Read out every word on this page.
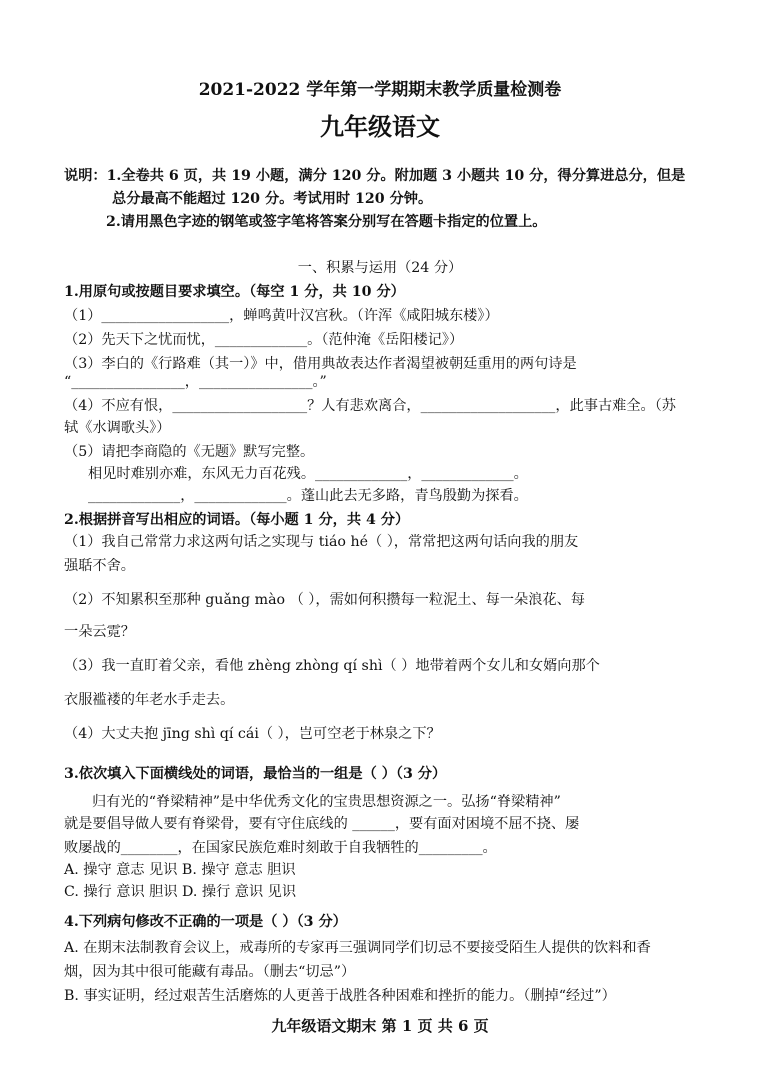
2021-2022 学年第一学期期末教学质量检测卷
九年级语文
说明：1.全卷共 6 页，共 19 小题，满分 120 分。附加题 3 小题共 10 分，得分算进总分，但是
总分最高不能超过 120 分。考试用时 120 分钟。
2.请用黑色字迹的钢笔或签字笔将答案分别写在答题卡指定的位置上。
一、积累与运用（24 分）
1.用原句或按题目要求填空。（每空 1 分，共 10 分）
（1）__________________，蝉鸣黄叶汉宫秋。（许浑《咸阳城东楼》）
（2）先天下之忧而忧，_____________。（范仲淹《岳阳楼记》）
（3）李白的《行路难（其一）》中，借用典故表达作者渴望被朝廷重用的两句诗是
“________________，________________。”
（4）不应有恨，___________________？人有悲欢离合，___________________，此事古难全。（苏
轼《水调歌头》）
（5）请把李商隐的《无题》默写完整。
相见时难别亦难，东风无力百花残。_____________，_____________。
_____________，_____________。蓬山此去无多路，青鸟殷勤为探看。
2.根据拼音写出相应的词语。（每小题 1 分，共 4 分）
（1）我自己常常力求这两句话之实现与 tiáo hé（ ），常常把这两句话向我的朋友
强聒不舍。
（2）不知累积至那种 guǎng mào （ ），需如何积攒每一粒泥土、每一朵浪花、每
一朵云霓？
（3）我一直盯着父亲，看他 zhèng zhòng qí shì（ ）地带着两个女儿和女婿向那个
衣服褴褛的年老水手走去。
（4）大丈夫抱 jīng shì qí cái（ ），岂可空老于林泉之下？
3.依次填入下面横线处的词语，最恰当的一组是（ ）（3 分）
归有光的“脊梁精神”是中华优秀文化的宝贵思想资源之一。弘扬“脊梁精神”
就是要倡导做人要有脊梁骨，要有守住底线的 ______，要有面对困境不屈不挠、屡
败屡战的________，在国家民族危难时刻敢于自我牺牲的_________。
A. 操守 意志 见识 B. 操守 意志 胆识
C. 操行 意识 胆识 D. 操行 意识 见识
4.下列病句修改不正确的一项是（ ）（3 分）
A. 在期末法制教育会议上，戒毒所的专家再三强调同学们切忌不要接受陌生人提供的饮料和香
烟，因为其中很可能藏有毒品。（删去“切忌”）
B. 事实证明，经过艰苦生活磨炼的人更善于战胜各种困难和挫折的能力。（删掉“经过”）
九年级语文期末 第 1 页 共 6 页
